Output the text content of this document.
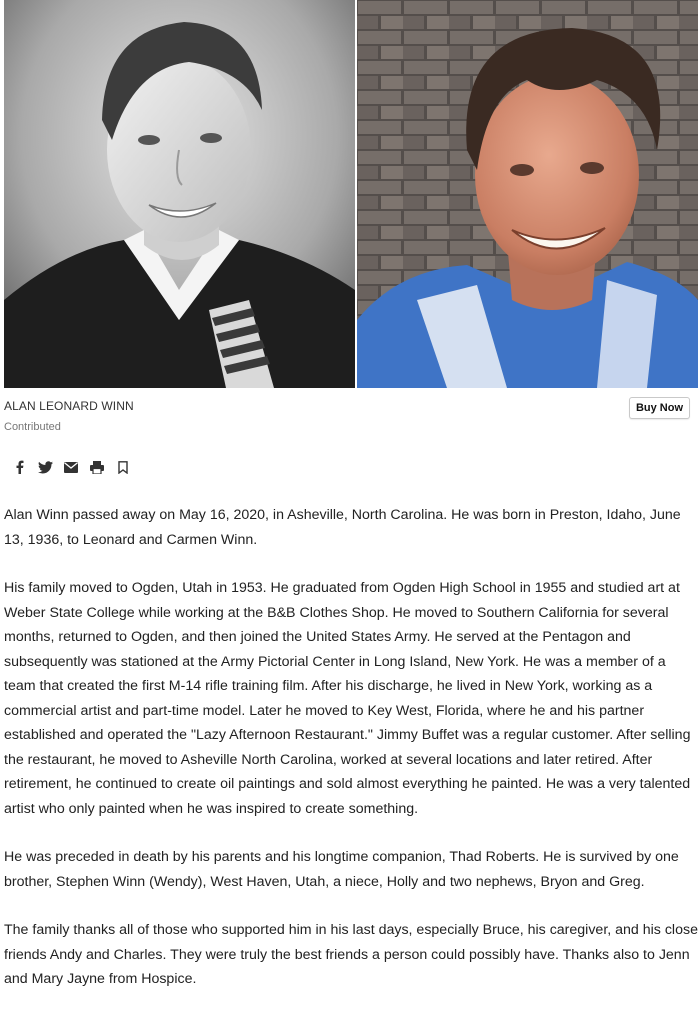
ALAN LEONARD WINN
Contributed
Buy Now

Alan Winn passed away on May 16, 2020, in Asheville, North Carolina. He was born in Preston, Idaho, June 13, 1936, to Leonard and Carmen Winn.

His family moved to Ogden, Utah in 1953. He graduated from Ogden High School in 1955 and studied art at Weber State College while working at the B&B Clothes Shop. He moved to Southern California for several months, returned to Ogden, and then joined the United States Army. He served at the Pentagon and subsequently was stationed at the Army Pictorial Center in Long Island, New York. He was a member of a team that created the first M-14 rifle training film. After his discharge, he lived in New York, working as a commercial artist and part-time model. Later he moved to Key West, Florida, where he and his partner established and operated the "Lazy Afternoon Restaurant." Jimmy Buffet was a regular customer. After selling the restaurant, he moved to Asheville North Carolina, worked at several locations and later retired. After retirement, he continued to create oil paintings and sold almost everything he painted. He was a very talented artist who only painted when he was inspired to create something.

He was preceded in death by his parents and his longtime companion, Thad Roberts. He is survived by one brother, Stephen Winn (Wendy), West Haven, Utah, a niece, Holly and two nephews, Bryon and Greg.

The family thanks all of those who supported him in his last days, especially Bruce, his caregiver, and his close friends Andy and Charles. They were truly the best friends a person could possibly have. Thanks also to Jenn and Mary Jayne from Hospice.
